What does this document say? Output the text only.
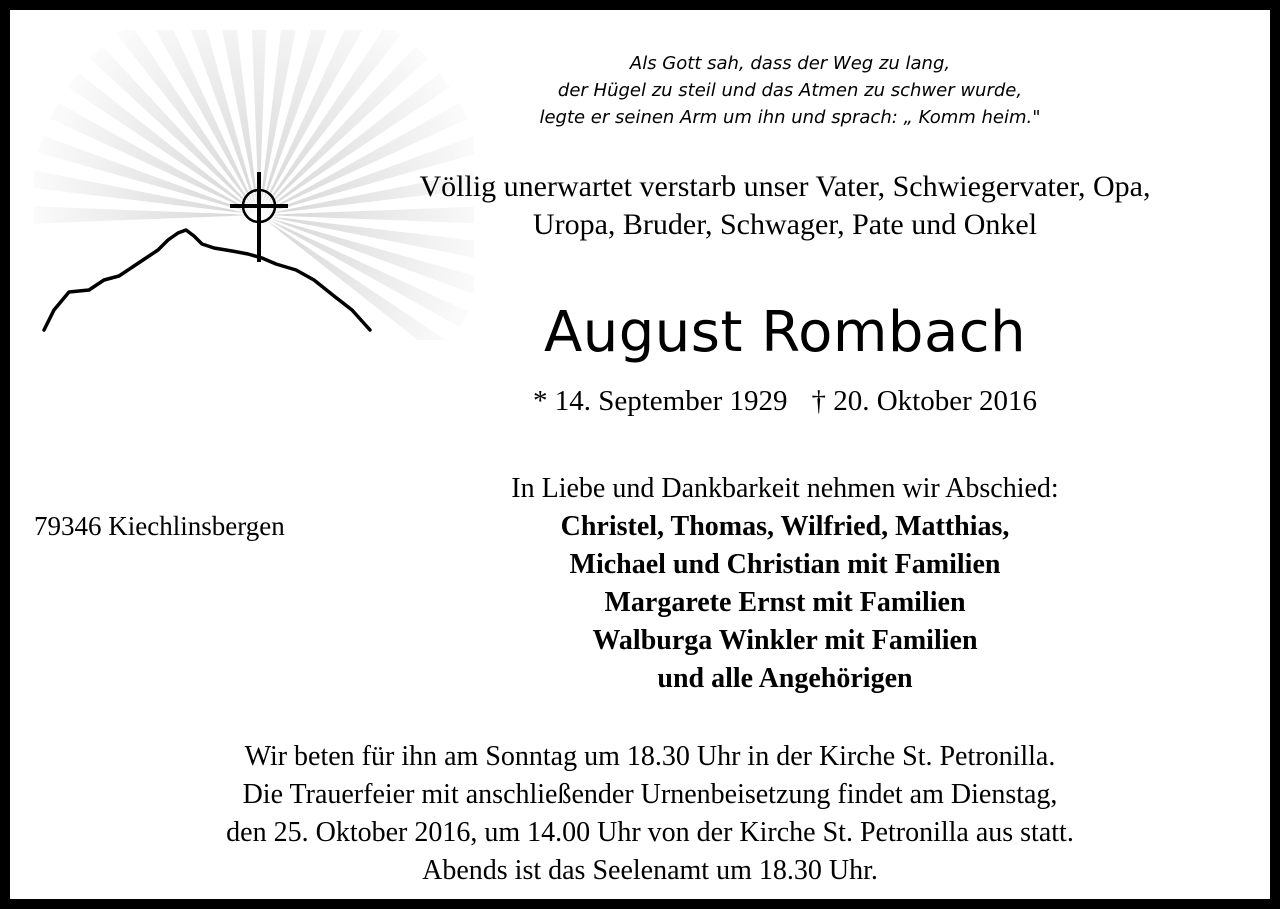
Als Gott sah, dass der Weg zu lang,
der Hügel zu steil und das Atmen zu schwer wurde,
legte er seinen Arm um ihn und sprach: „ Komm heim."
Völlig unerwartet verstarb unser Vater, Schwiegervater, Opa,
Uropa, Bruder, Schwager, Pate und Onkel
August Rombach
* 14. September 1929 † 20. Oktober 2016
79346 Kiechlinsbergen
In Liebe und Dankbarkeit nehmen wir Abschied:
Christel, Thomas, Wilfried, Matthias,
Michael und Christian mit Familien
Margarete Ernst mit Familien
Walburga Winkler mit Familien
und alle Angehörigen
Wir beten für ihn am Sonntag um 18.30 Uhr in der Kirche St. Petronilla.
Die Trauerfeier mit anschließender Urnenbeisetzung findet am Dienstag,
den 25. Oktober 2016, um 14.00 Uhr von der Kirche St. Petronilla aus statt.
Abends ist das Seelenamt um 18.30 Uhr.
